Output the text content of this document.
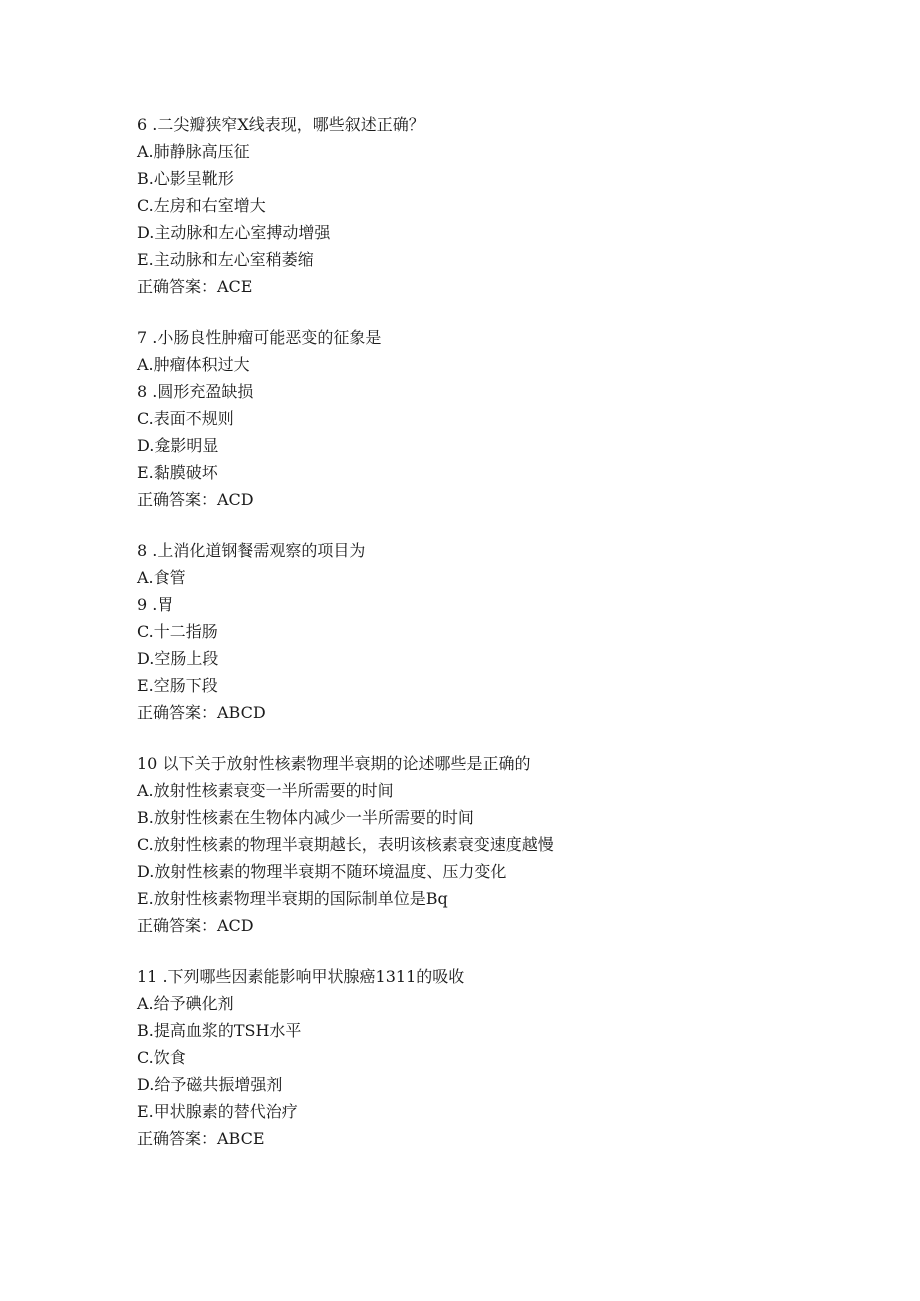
6 .二尖瓣狭窄X线表现，哪些叙述正确？
A.肺静脉高压征
B.心影呈靴形
C.左房和右室增大
D.主动脉和左心室搏动增强
E.主动脉和左心室稍萎缩
正确答案：ACE
7 .小肠良性肿瘤可能恶变的征象是
A.肿瘤体积过大
8 .圆形充盈缺损
C.表面不规则
D.龛影明显
E.黏膜破坏
正确答案：ACD
8 .上消化道钢餐需观察的项目为
A.食管
9 .胃
C.十二指肠
D.空肠上段
E.空肠下段
正确答案：ABCD
10 以下关于放射性核素物理半衰期的论述哪些是正确的
A.放射性核素衰变一半所需要的时间
B.放射性核素在生物体内减少一半所需要的时间
C.放射性核素的物理半衰期越长，表明该核素衰变速度越慢
D.放射性核素的物理半衰期不随环境温度、压力变化
E.放射性核素物理半衰期的国际制单位是Bq
正确答案：ACD
11 .下列哪些因素能影响甲状腺癌1311的吸收
A.给予碘化剂
B.提高血浆的TSH水平
C.饮食
D.给予磁共振增强剂
E.甲状腺素的替代治疗
正确答案：ABCE
